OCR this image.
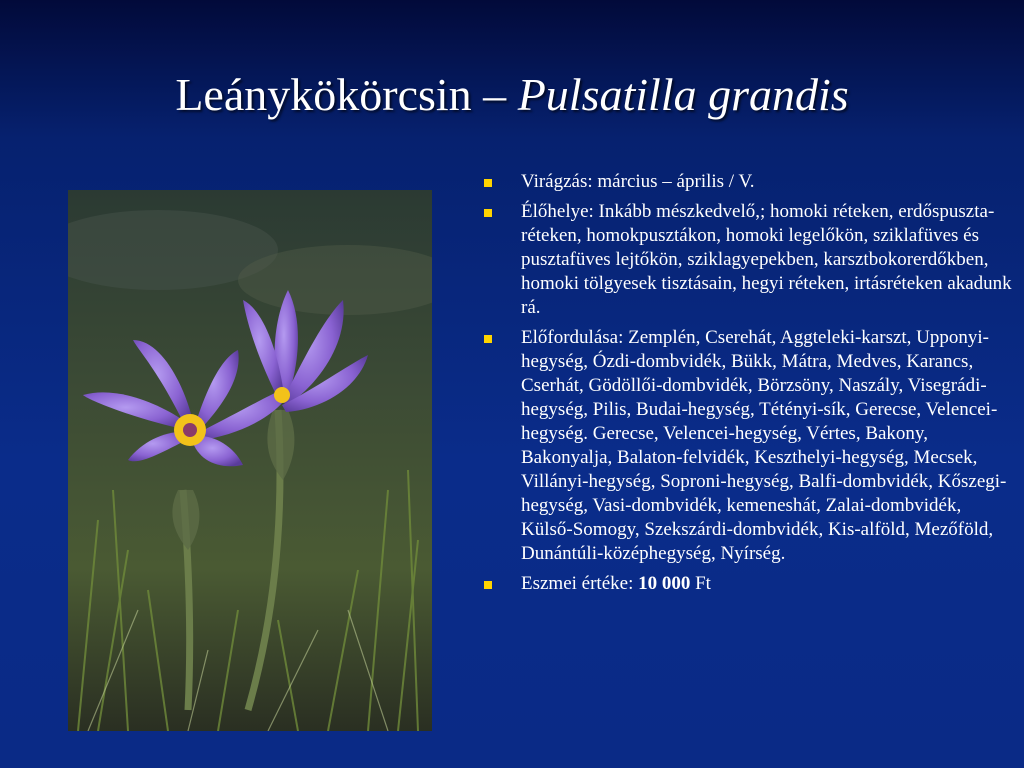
Leánykökörcsin – Pulsatilla grandis
Virágzás: március – április / V.
Élőhelye: Inkább mészkedvelő,; homoki réteken, erdőspuszta-réteken, homokpusztákon, homoki legelőkön, sziklafüves és pusztafüves lejtőkön, sziklagyepekben, karsztbokorerdőkben, homoki tölgyesek tisztásain, hegyi réteken, irtásréteken akadunk rá.
Előfordulása: Zemplén, Cserehát, Aggteleki-karszt, Upponyi-hegység, Ózdi-dombvidék, Bükk, Mátra, Medves, Karancs, Cserhát, Gödöllői-dombvidék, Börzsöny, Naszály, Visegrádi-hegység, Pilis, Budai-hegység, Tétényi-sík, Gerecse, Velencei-hegység. Gerecse, Velencei-hegység, Vértes, Bakony, Bakonyalja, Balaton-felvidék, Keszthelyi-hegység, Mecsek, Villányi-hegység, Soproni-hegység, Balfi-dombvidék, Kőszegi-hegység, Vasi-dombvidék, kemeneshát, Zalai-dombvidék, Külső-Somogy, Szekszárdi-dombvidék, Kis-alföld, Mezőföld, Dunántúli-középhegység, Nyírség.
Eszmei értéke: 10 000 Ft
